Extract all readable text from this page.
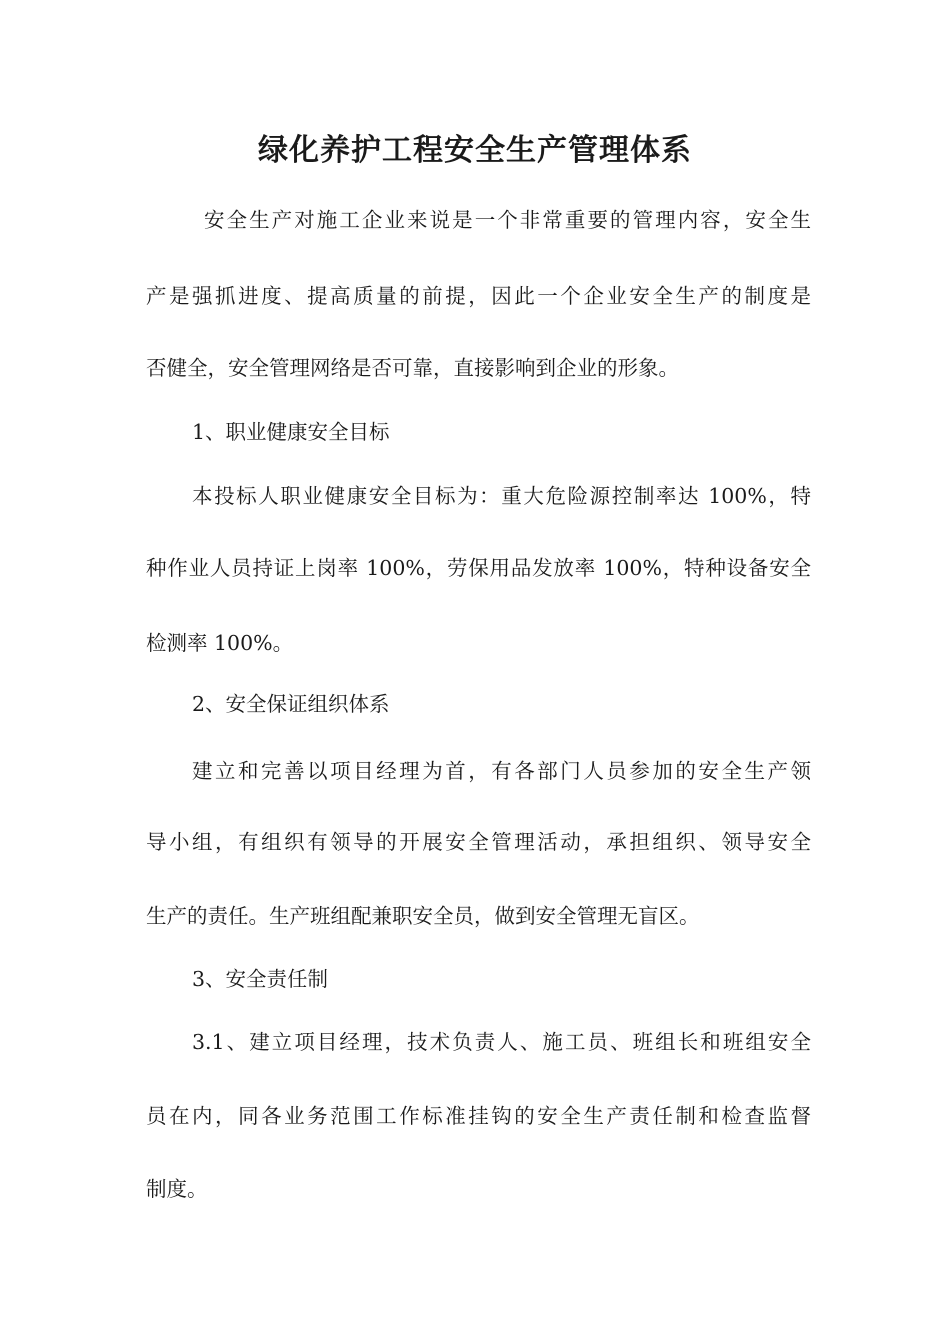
绿化养护工程安全生产管理体系

安全生产对施工企业来说是一个非常重要的管理内容，安全生

产是强抓进度、提高质量的前提，因此一个企业安全生产的制度是

否健全，安全管理网络是否可靠，直接影响到企业的形象。

1、职业健康安全目标

本投标人职业健康安全目标为：重大危险源控制率达 100%，特

种作业人员持证上岗率 100%，劳保用品发放率 100%，特种设备安全

检测率 100%。

2、安全保证组织体系

建立和完善以项目经理为首，有各部门人员参加的安全生产领

导小组，有组织有领导的开展安全管理活动，承担组织、领导安全

生产的责任。生产班组配兼职安全员，做到安全管理无盲区。

3、安全责任制

3.1、建立项目经理，技术负责人、施工员、班组长和班组安全

员在内，同各业务范围工作标准挂钩的安全生产责任制和检查监督

制度。
